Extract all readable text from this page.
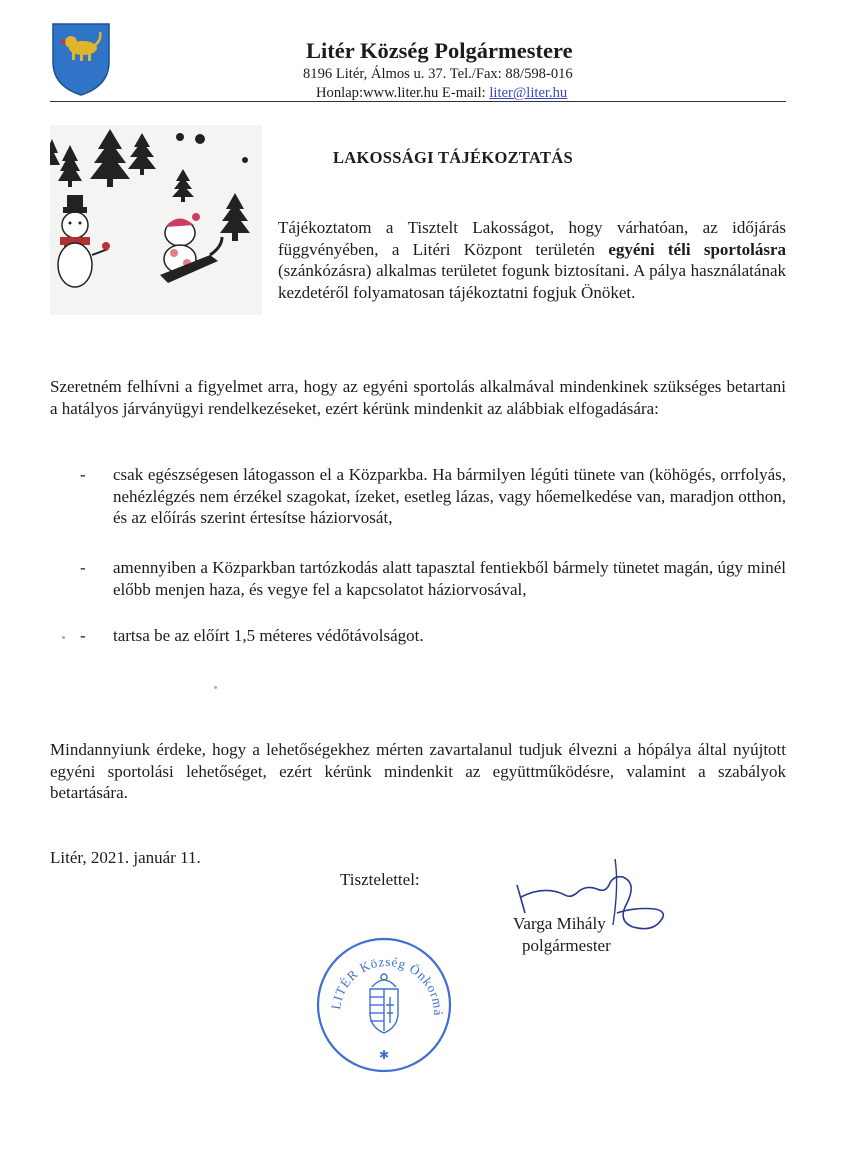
Litér Község Polgármestere
8196 Litér, Álmos u. 37. Tel./Fax: 88/598-016
Honlap:www.liter.hu E-mail: liter@liter.hu
LAKOSSÁGI TÁJÉKOZTATÁS
Tájékoztatom a Tisztelt Lakosságot, hogy várhatóan, az időjárás függvényében, a Litéri Központ területén egyéni téli sportolásra (szánkózásra) alkalmas területet fogunk biztosítani. A pálya használatának kezdetéről folyamatosan tájékoztatni fogjuk Önöket.
Szeretném felhívni a figyelmet arra, hogy az egyéni sportolás alkalmával mindenkinek szükséges betartani a hatályos járványügyi rendelkezéseket, ezért kérünk mindenkit az alábbiak elfogadására:
- csak egészségesen látogasson el a Közparkba. Ha bármilyen légúti tünete van (köhögés, orrfolyás, nehézlégzés nem érzékel szagokat, ízeket, esetleg lázas, vagy hőemelkedése van, maradjon otthon, és az előírás szerint értesítse háziorvosát,
- amennyiben a Közparkban tartózkodás alatt tapasztal fentiekből bármely tünetet magán, úgy minél előbb menjen haza, és vegye fel a kapcsolatot háziorvosával,
- tartsa be az előírt 1,5 méteres védőtávolságot.
Mindannyiunk érdeke, hogy a lehetőségekhez mérten zavartalanul tudjuk élvezni a hópálya által nyújtott egyéni sportolási lehetőséget, ezért kérünk mindenkit az együttműködésre, valamint a szabályok betartására.
Litér, 2021. január 11.
Tisztelettel:
Varga Mihály
polgármester
LITÉR Község Önkormá
✱
